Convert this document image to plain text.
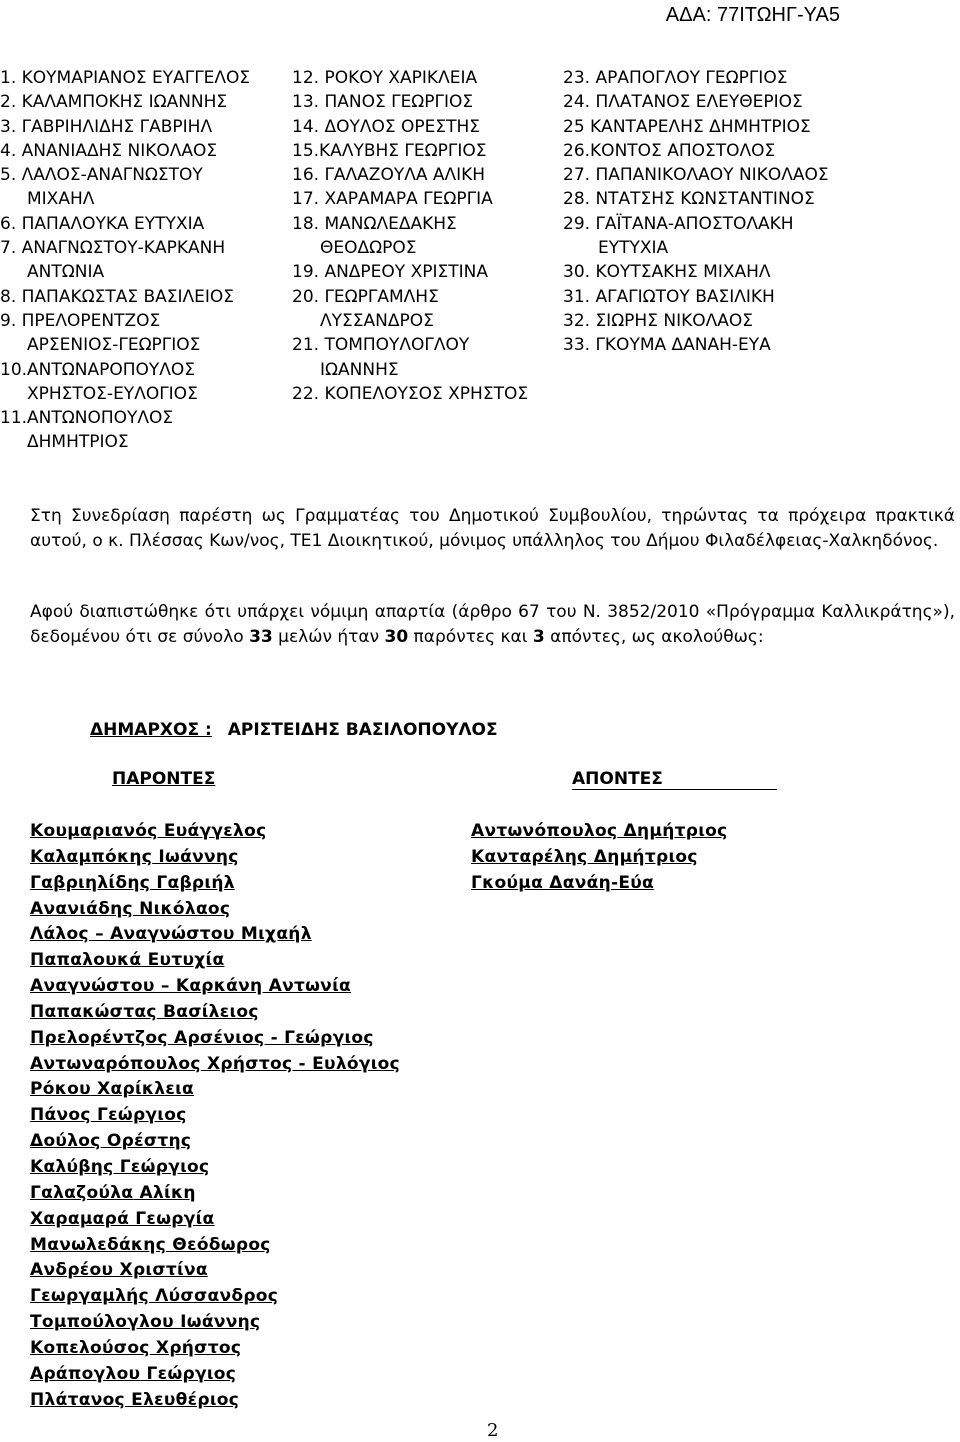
ΑΔΑ: 77ΙΤΩΗΓ-ΥΑ5
1. ΚΟΥΜΑΡΙΑΝΟΣ ΕΥΑΓΓΕΛΟΣ
2. ΚΑΛΑΜΠΟΚΗΣ ΙΩΑΝΝΗΣ
3. ΓΑΒΡΙΗΛΙΔΗΣ ΓΑΒΡΙΗΛ
4. ΑΝΑΝΙΑΔΗΣ ΝΙΚΟΛΑΟΣ
5. ΛΑΛΟΣ-ΑΝΑΓΝΩΣΤΟΥ
ΜΙΧΑΗΛ
6. ΠΑΠΑΛΟΥΚΑ ΕΥΤΥΧΙΑ
7. ΑΝΑΓΝΩΣΤΟΥ-ΚΑΡΚΑΝΗ
ΑΝΤΩΝΙΑ
8. ΠΑΠΑΚΩΣΤΑΣ ΒΑΣΙΛΕΙΟΣ
9. ΠΡΕΛΟΡΕΝΤΖΟΣ
ΑΡΣΕΝΙΟΣ-ΓΕΩΡΓΙΟΣ
10.ΑΝΤΩΝΑΡΟΠΟΥΛΟΣ
ΧΡΗΣΤΟΣ-ΕΥΛΟΓΙΟΣ
11.ΑΝΤΩΝΟΠΟΥΛΟΣ
ΔΗΜΗΤΡΙΟΣ
12. ΡΟΚΟΥ ΧΑΡΙΚΛΕΙΑ
13. ΠΑΝΟΣ ΓΕΩΡΓΙΟΣ
14. ΔΟΥΛΟΣ ΟΡΕΣΤΗΣ
15.ΚΑΛΥΒΗΣ ΓΕΩΡΓΙΟΣ
16. ΓΑΛΑΖΟΥΛΑ ΑΛΙΚΗ
17. ΧΑΡΑΜΑΡΑ ΓΕΩΡΓΙΑ
18. ΜΑΝΩΛΕΔΑΚΗΣ
ΘΕΟΔΩΡΟΣ
19. ΑΝΔΡΕΟΥ ΧΡΙΣΤΙΝΑ
20. ΓΕΩΡΓΑΜΛΗΣ
ΛΥΣΣΑΝΔΡΟΣ
21. ΤΟΜΠΟΥΛΟΓΛΟΥ
ΙΩΑΝΝΗΣ
22. ΚΟΠΕΛΟΥΣΟΣ ΧΡΗΣΤΟΣ
23. ΑΡΑΠΟΓΛΟΥ ΓΕΩΡΓΙΟΣ
24. ΠΛΑΤΑΝΟΣ ΕΛΕΥΘΕΡΙΟΣ
25 ΚΑΝΤΑΡΕΛΗΣ ΔΗΜΗΤΡΙΟΣ
26.ΚΟΝΤΟΣ ΑΠΟΣΤΟΛΟΣ
27. ΠΑΠΑΝΙΚΟΛΑΟΥ ΝΙΚΟΛΑΟΣ
28. ΝΤΑΤΣΗΣ ΚΩΝΣΤΑΝΤΙΝΟΣ
29. ΓΑΪΤΑΝΑ-ΑΠΟΣΤΟΛΑΚΗ
ΕΥΤΥΧΙΑ
30. ΚΟΥΤΣΑΚΗΣ ΜΙΧΑΗΛ
31. ΑΓΑΓΙΩΤΟΥ ΒΑΣΙΛΙΚΗ
32. ΣΙΩΡΗΣ ΝΙΚΟΛΑΟΣ
33. ΓΚΟΥΜΑ ΔΑΝΑΗ-ΕΥΑ
Στη Συνεδρίαση παρέστη ως Γραμματέας του Δημοτικού Συμβουλίου, τηρώντας τα πρόχειρα πρακτικά αυτού, ο κ. Πλέσσας Κων/νος, ΤΕ1 Διοικητικού, μόνιμος υπάλληλος του Δήμου Φιλαδέλφειας-Χαλκηδόνος.
Αφού διαπιστώθηκε ότι υπάρχει νόμιμη απαρτία (άρθρο 67 του Ν. 3852/2010 «Πρόγραμμα Καλλικράτης»), δεδομένου ότι σε σύνολο 33 μελών ήταν 30 παρόντες και 3 απόντες, ως ακολούθως:
ΔΗΜΑΡΧΟΣ : ΑΡΙΣΤΕΙΔΗΣ ΒΑΣΙΛΟΠΟΥΛΟΣ
ΠΑΡΟΝΤΕΣ	ΑΠΟΝΤΕΣ
Κουμαριανός Ευάγγελος
Καλαμπόκης Ιωάννης
Γαβριηλίδης Γαβριήλ
Ανανιάδης Νικόλαος
Λάλος – Αναγνώστου Μιχαήλ
Παπαλουκά Ευτυχία
Αναγνώστου – Καρκάνη Αντωνία
Παπακώστας Βασίλειος
Πρελορέντζος Αρσένιος - Γεώργιος
Αντωναρόπουλος Χρήστος - Ευλόγιος
Ρόκου Χαρίκλεια
Πάνος Γεώργιος
Δούλος Ορέστης
Καλύβης Γεώργιος
Γαλαζούλα Αλίκη
Χαραμαρά Γεωργία
Μανωλεδάκης Θεόδωρος
Ανδρέου Χριστίνα
Γεωργαμλής Λύσσανδρος
Τομπούλογλου Ιωάννης
Κοπελούσος Χρήστος
Αράπογλου Γεώργιος
Πλάτανος Ελευθέριος
Αντωνόπουλος Δημήτριος
Κανταρέλης Δημήτριος
Γκούμα Δανάη-Εύα
2
